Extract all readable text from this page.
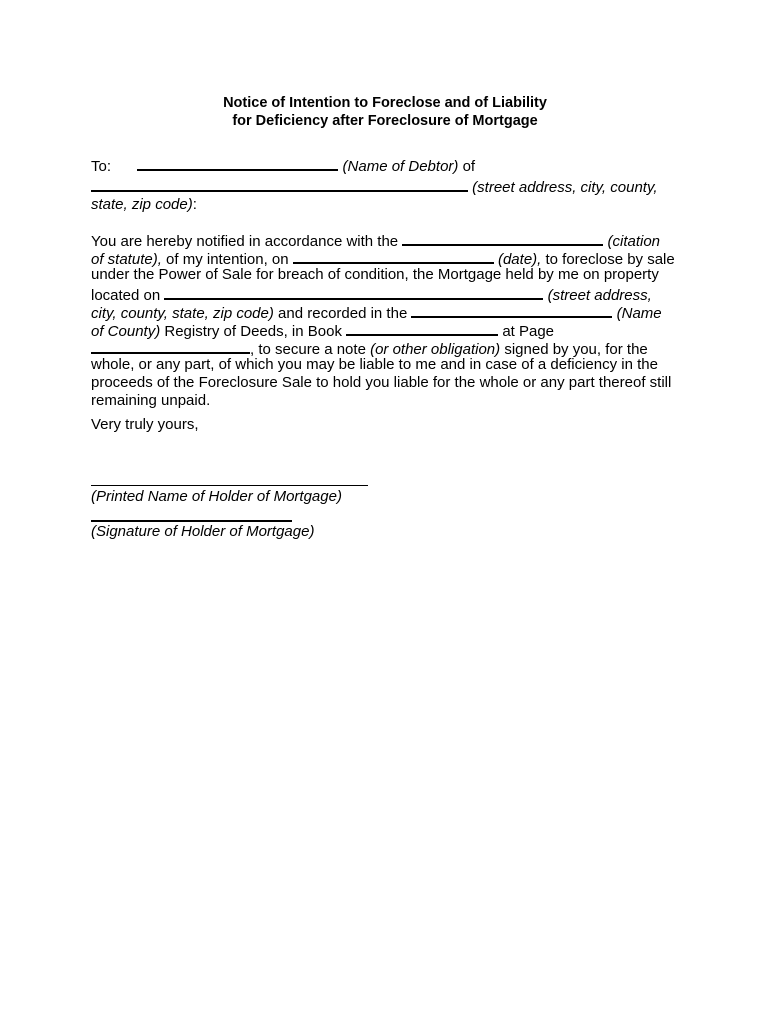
Notice of Intention to Foreclose and of Liability
for Deficiency after Foreclosure of Mortgage
To:	(Name of Debtor) of
(street address, city, county,
state, zip code):
You are hereby notified in accordance with the	(citation
of statute), of my intention, on	(date), to foreclose by sale
under the Power of Sale for breach of condition, the Mortgage held by me on property
located on	(street address,
city, county, state, zip code) and recorded in the	(Name
of County) Registry of Deeds, in Book	at Page
, to secure a note (or other obligation) signed by you, for the
whole, or any part, of which you may be liable to me and in case of a deficiency in the
proceeds of the Foreclosure Sale to hold you liable for the whole or any part thereof still
remaining unpaid.
Very truly yours,
(Printed Name of Holder of Mortgage)
(Signature of Holder of Mortgage)
